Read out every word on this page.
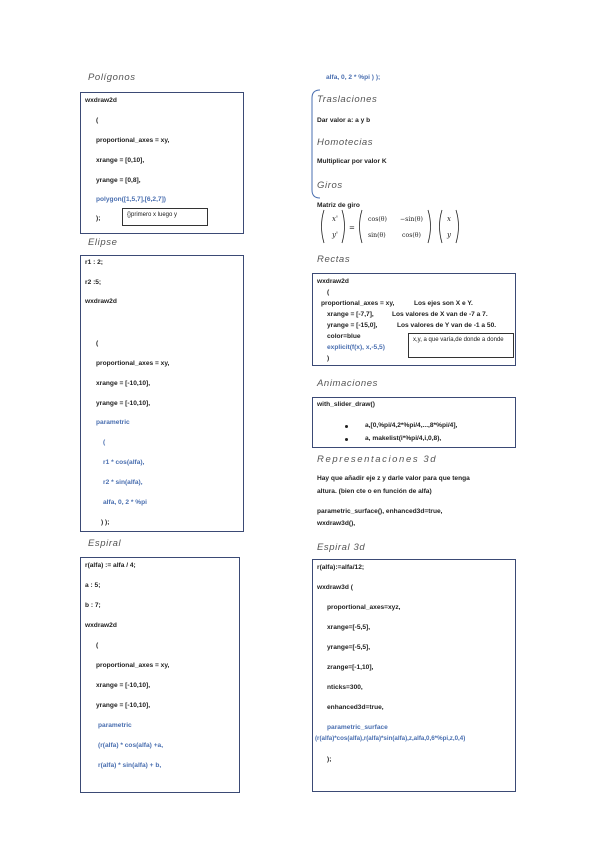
Polígonos
wxdraw2d
(
proportional_axes = xy,
xrange = [0,10],
yrange = [0,8],
polygon([1,5,7],[6,2,7])
);	{}primero x luego y
Elipse
r1 : 2;
r2 :5;
wxdraw2d
(
proportional_axes = xy,
xrange = [-10,10],
yrange = [-10,10],
parametric
(
r1 * cos(alfa),
r2 * sin(alfa),
alfa, 0, 2 * %pi
) );
Espiral
r(alfa) := alfa / 4;
a : 5;
b : 7;
wxdraw2d
(
proportional_axes = xy,
xrange = [-10,10],
yrange = [-10,10],
parametric
(r(alfa) * cos(alfa) +a,
r(alfa) * sin(alfa) + b,
alfa, 0, 2 * %pi ) );
Traslaciones
Dar valor a: a y b
Homotecias
Multiplicar por valor K
Giros
Matriz de giro
x'
y'
=
cos(θ) −sin(θ)
sin(θ)	cos(θ)
x
y
Rectas
wxdraw2d
(
proportional_axes = xy,
xrange = [-7,7],
yrange = [-15,0],
color=blue
explicit(f(x), x,-5,5)
)
Los ejes son X e Y.
Los valores de X van de -7 a 7.
Los valores de Y van de -1 a 50.
x,y, a que varía,de donde a donde
Animaciones
with_slider_draw()
a,[0,%pi/4,2*%pi/4,...,8*%pi/4],
a, makelist(i*%pi/4,i,0,8),
Representaciones 3d
Hay que añadir eje z y darle valor para que tenga
altura. (bien cte o en función de alfa)
parametric_surface(), enhanced3d=true,
wxdraw3d(),
Espiral 3d
r(alfa):=alfa/12;
wxdraw3d (
proportional_axes=xyz,
xrange=[-5,5],
yrange=[-5,5],
zrange=[-1,10],
nticks=300,
enhanced3d=true,
parametric_surface
(r(alfa)*cos(alfa),r(alfa)*sin(alfa),z,alfa,0,6*%pi,z,0,4)
);
